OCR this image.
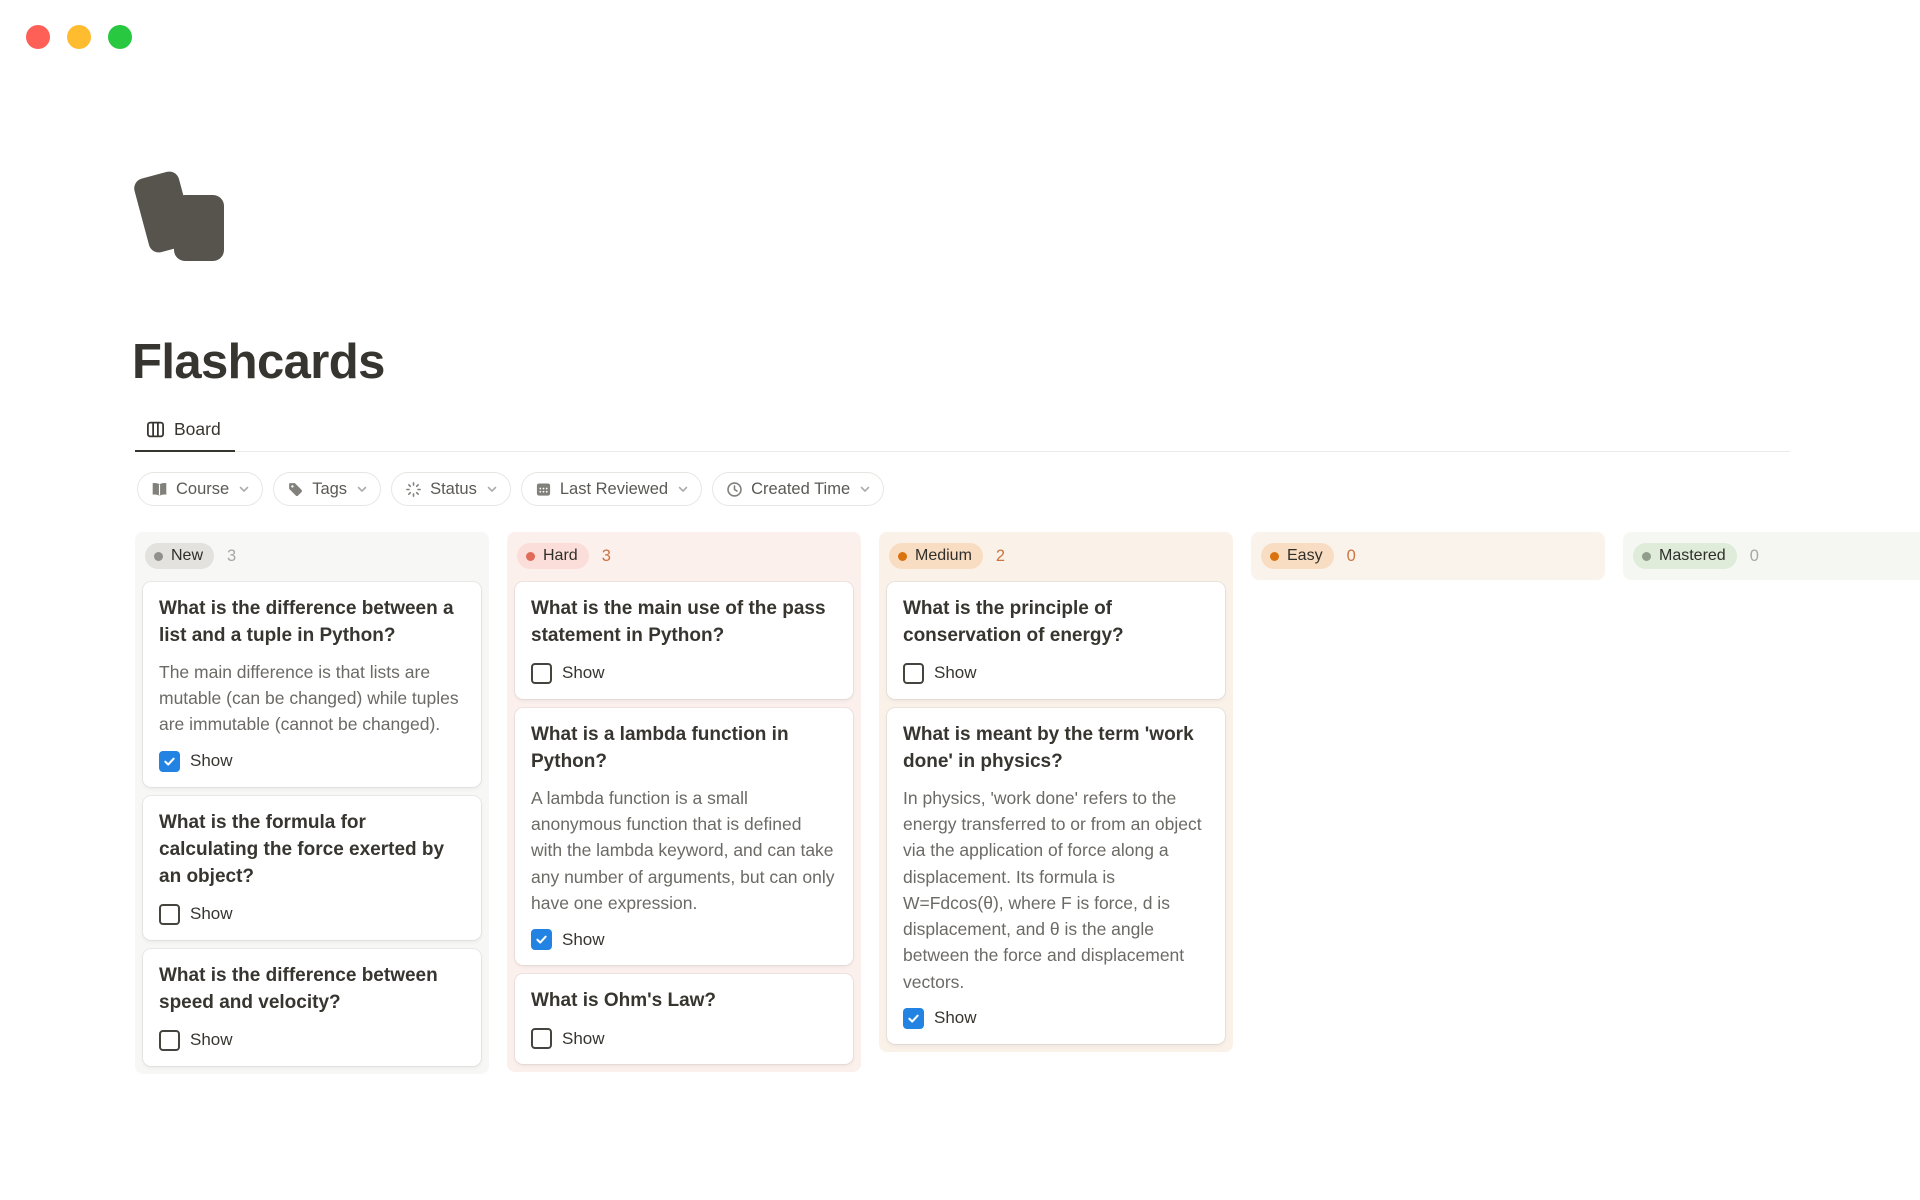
Flashcards
Board
Course	Tags	Status	Last Reviewed	Created Time
New 3
What is the difference between a list and a tuple in Python?
The main difference is that lists are mutable (can be changed) while tuples are immutable (cannot be changed).
Show
What is the formula for calculating the force exerted by an object?
Show
What is the difference between speed and velocity?
Show
Hard 3
What is the main use of the pass statement in Python?
Show
What is a lambda function in Python?
A lambda function is a small anonymous function that is defined with the lambda keyword, and can take any number of arguments, but can only have one expression.
Show
What is Ohm's Law?
Show
Medium 2
What is the principle of conservation of energy?
Show
What is meant by the term 'work done' in physics?
In physics, 'work done' refers to the energy transferred to or from an object via the application of force along a displacement. Its formula is W=Fdcos(θ), where F is force, d is displacement, and θ is the angle between the force and displacement vectors.
Show
Easy 0	Mastered 0
